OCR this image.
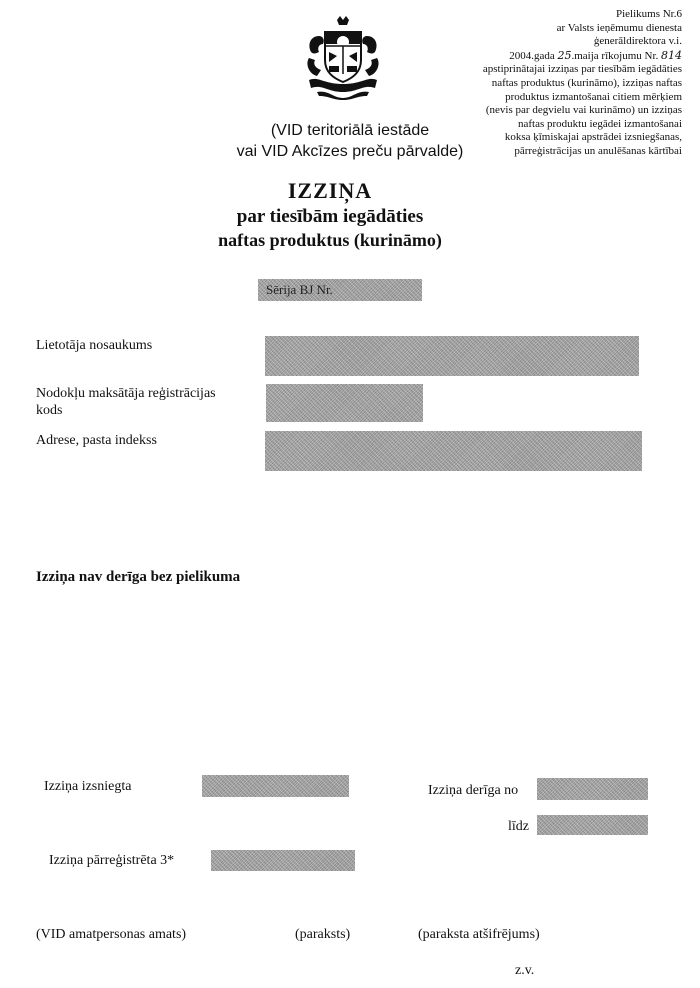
Pielikums Nr.6
ar Valsts ieņēmumu dienesta
ģenerāldirektora v.i.
2004.gada 25.maija rīkojumu Nr. 814
apstiprinātajai izziņas par tiesībām iegādāties
naftas produktus (kurināmo), izziņas naftas
produktus izmantošanai citiem mērķiem
(nevis par degvielu vai kurināmo) un izziņas
naftas produktu iegādei izmantošanai
koksa ķīmiskajai apstrādei izsniegšanas,
pārreģistrācijas un anulēšanas kārtībai
(VID teritoriālā iestāde
vai VID Akcīzes preču pārvalde)
IZZIŅA
par tiesībām iegādāties
naftas produktus (kurināmo)
Sērija BJ Nr.
Lietotāja nosaukums
Nodokļu maksātāja reģistrācijas
kods
Adrese, pasta indekss
Izziņa nav derīga bez pielikuma
Izziņa izsniegta	Izziņa derīga no
līdz
Izziņa pārreģistrēta 3*
(VID amatpersonas amats)	(paraksts)	(paraksta atšifrējums)
z.v.
